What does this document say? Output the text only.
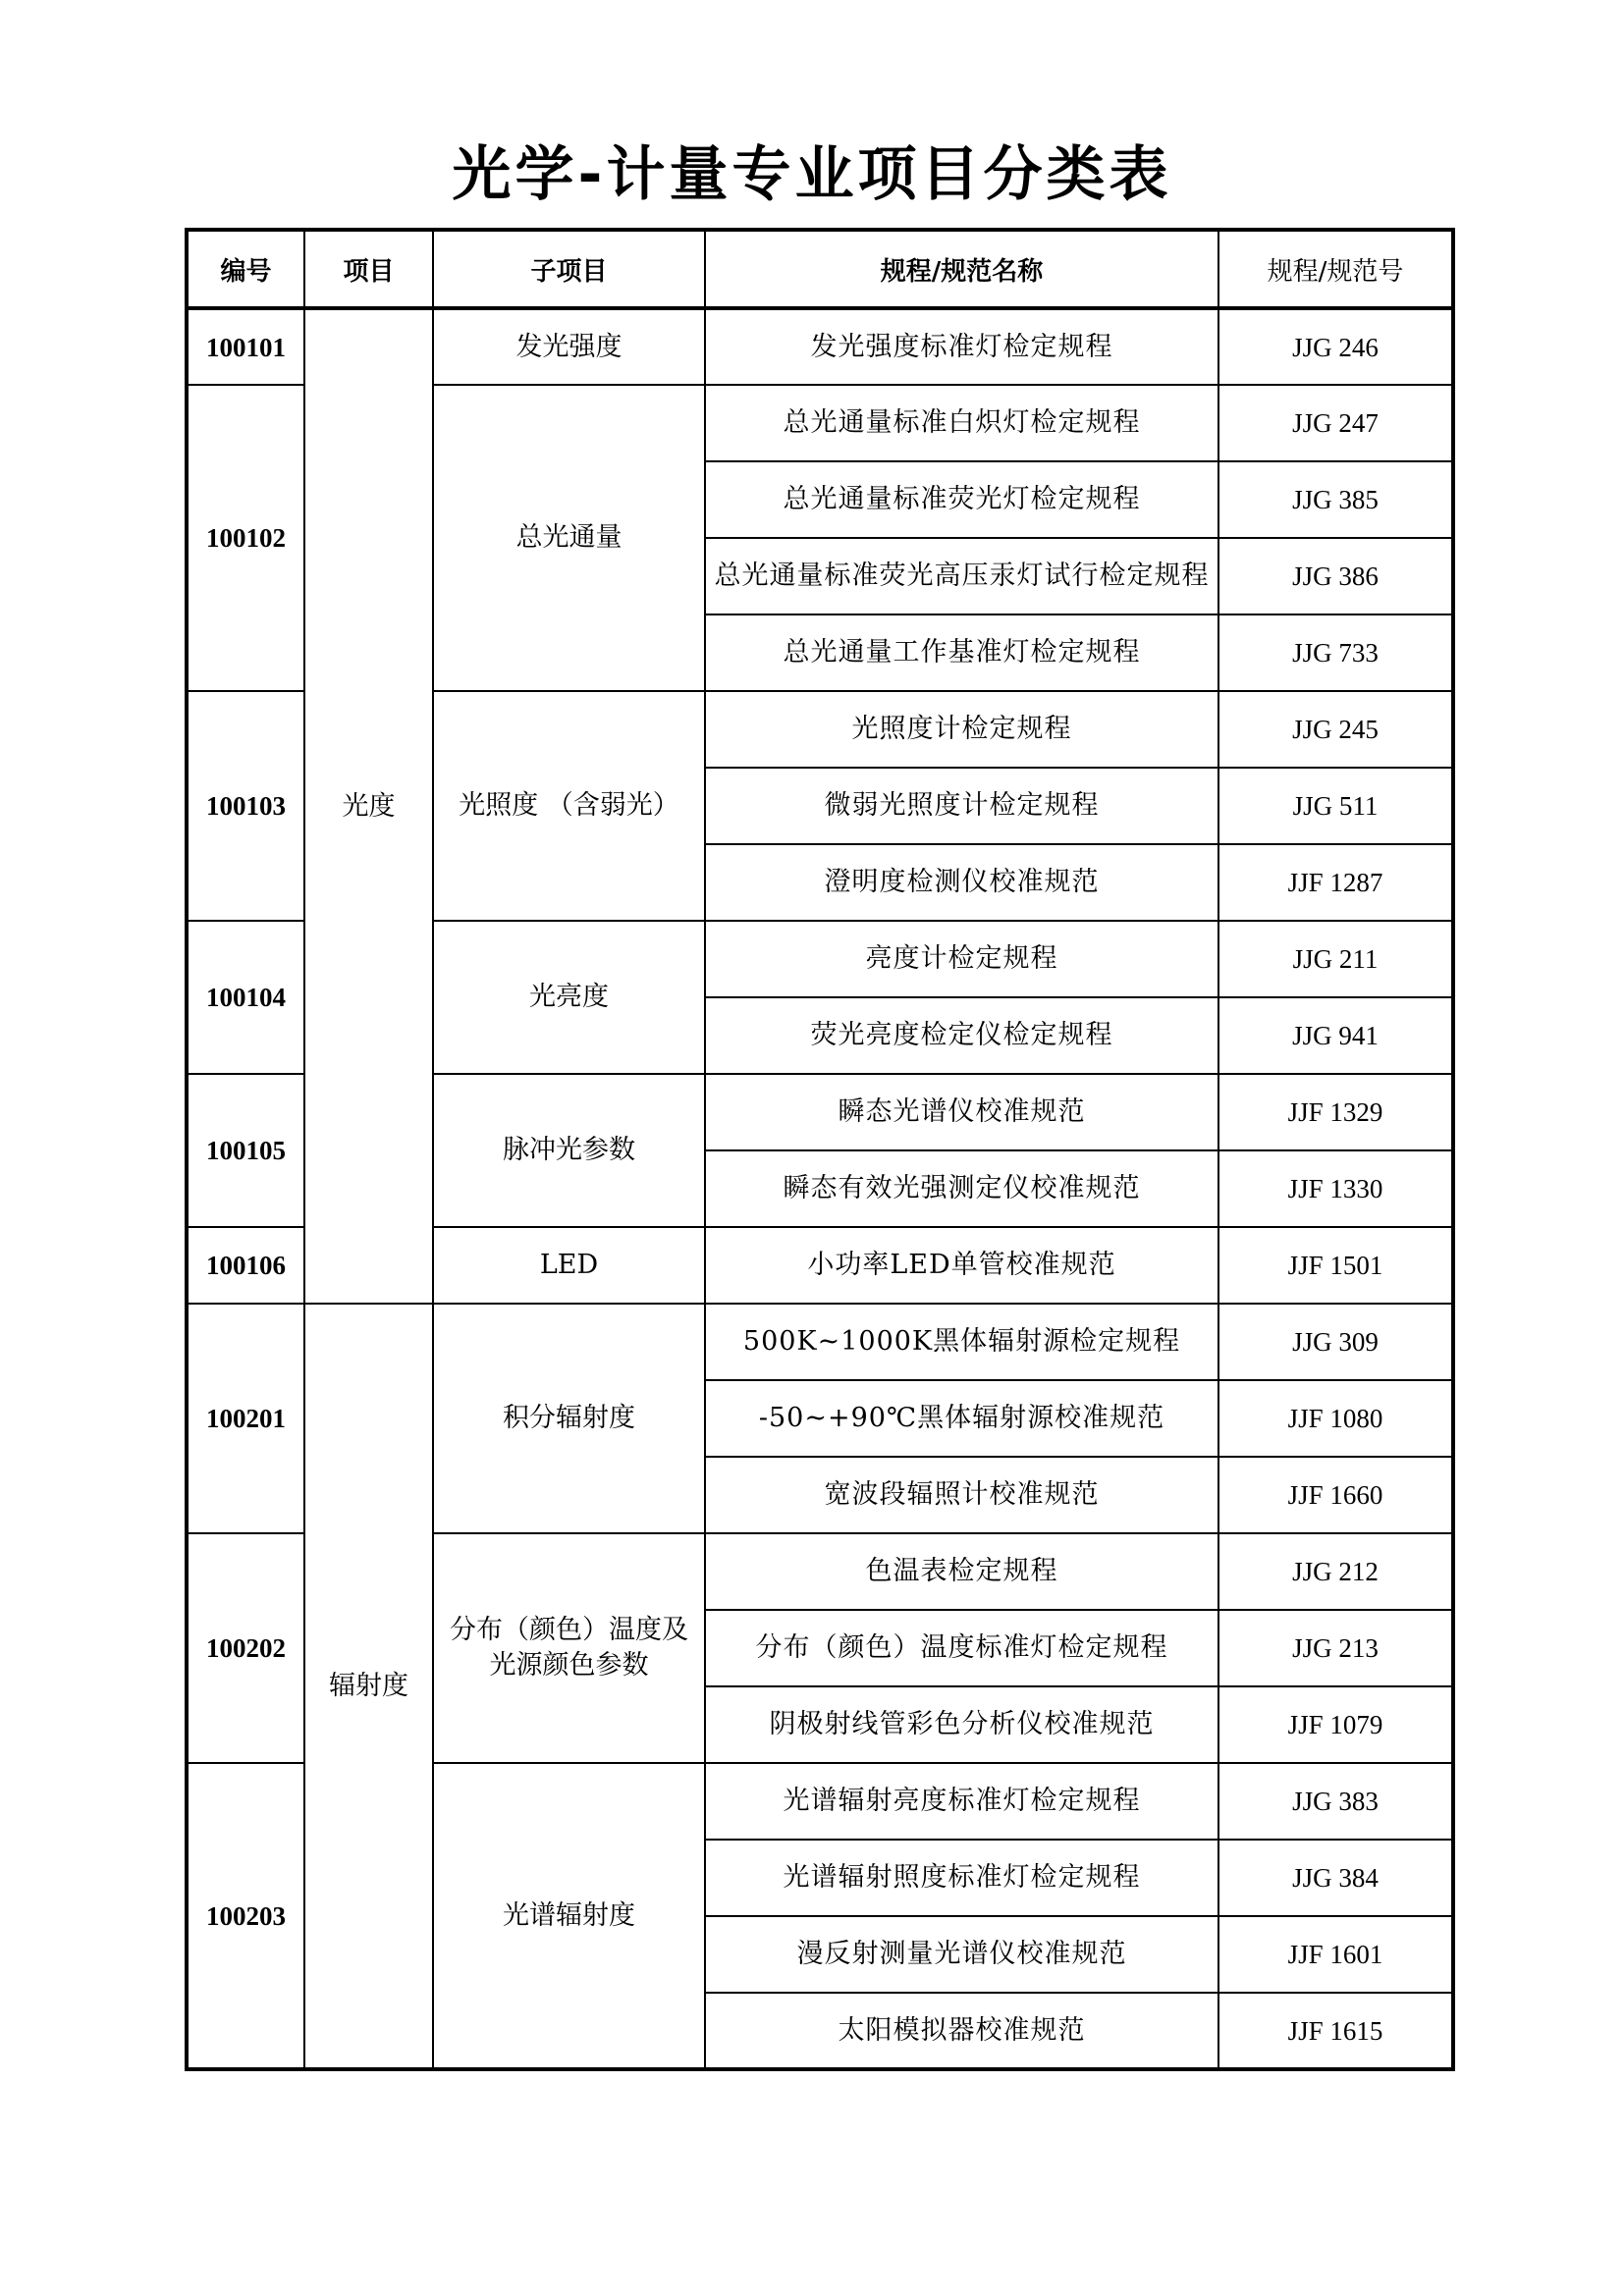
光学-计量专业项目分类表
编号	项目	子项目	规程/规范名称	规程/规范号
100101	光度	发光强度	发光强度标准灯检定规程	JJG 246
100102		总光通量	总光通量标准白炽灯检定规程	JJG 247
			总光通量标准荧光灯检定规程	JJG 385
			总光通量标准荧光高压汞灯试行检定规程	JJG 386
			总光通量工作基准灯检定规程	JJG 733
100103		光照度 （含弱光）	光照度计检定规程	JJG 245
			微弱光照度计检定规程	JJG 511
			澄明度检测仪校准规范	JJF 1287
100104		光亮度	亮度计检定规程	JJG 211
			荧光亮度检定仪检定规程	JJG 941
100105		脉冲光参数	瞬态光谱仪校准规范	JJF 1329
			瞬态有效光强测定仪校准规范	JJF 1330
100106		LED	小功率LED单管校准规范	JJF 1501
100201	辐射度	积分辐射度	500K~1000K黑体辐射源检定规程	JJG 309
			-50~+90℃黑体辐射源校准规范	JJF 1080
			宽波段辐照计校准规范	JJF 1660
100202		分布（颜色）温度及光源颜色参数	色温表检定规程	JJG 212
			分布（颜色）温度标准灯检定规程	JJG 213
			阴极射线管彩色分析仪校准规范	JJF 1079
100203		光谱辐射度	光谱辐射亮度标准灯检定规程	JJG 383
			光谱辐射照度标准灯检定规程	JJG 384
			漫反射测量光谱仪校准规范	JJF 1601
			太阳模拟器校准规范	JJF 1615
